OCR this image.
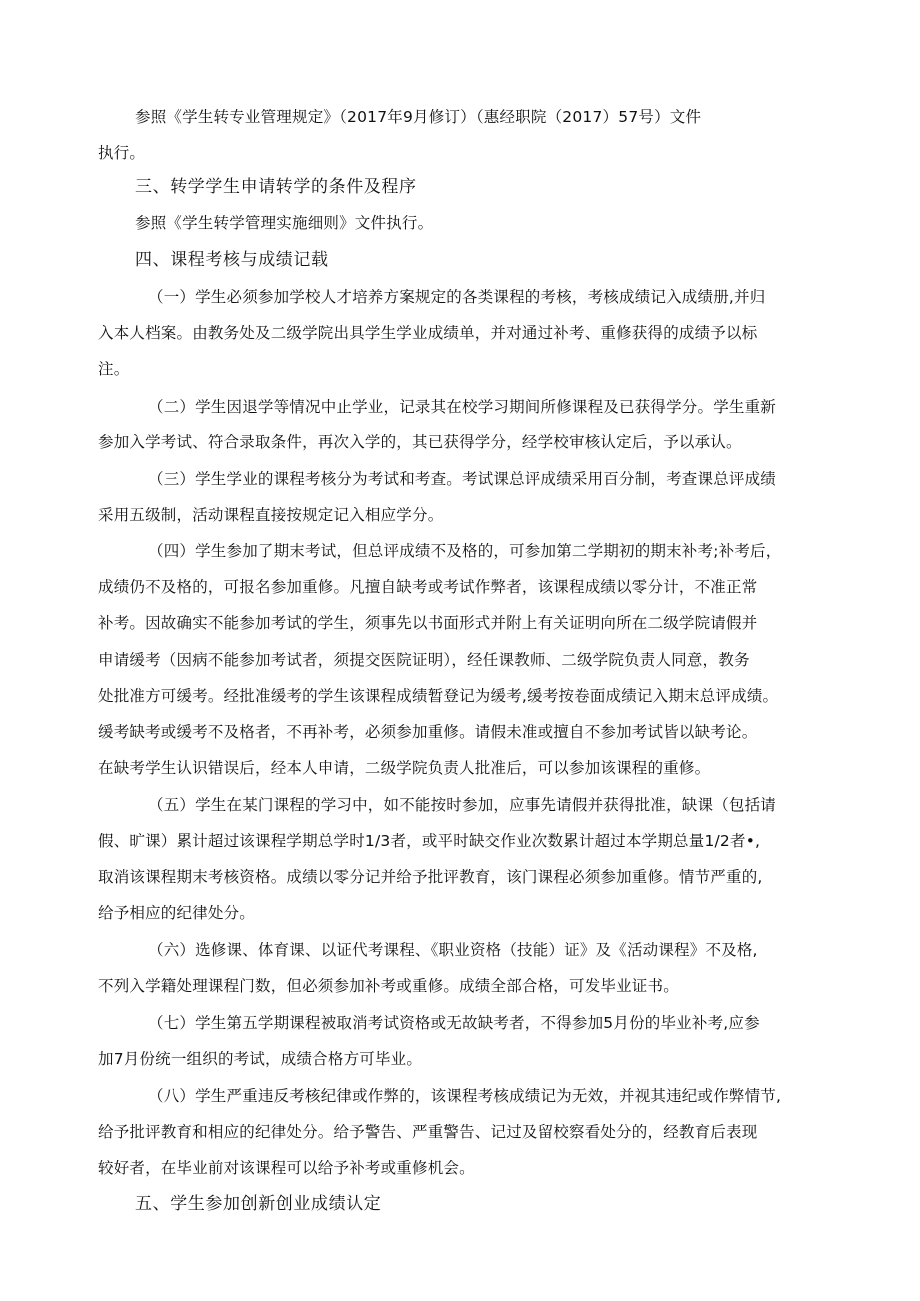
参照《学生转专业管理规定》（2017年9月修订）（惠经职院（2017）57号）文件
执行。
三、转学学生申请转学的条件及程序
参照《学生转学管理实施细则》文件执行。
四、课程考核与成绩记载
（一）学生必须参加学校人才培养方案规定的各类课程的考核，考核成绩记入成绩册,并归
入本人档案。由教务处及二级学院出具学生学业成绩单，并对通过补考、重修获得的成绩予以标
注。
（二）学生因退学等情况中止学业，记录其在校学习期间所修课程及已获得学分。学生重新
参加入学考试、符合录取条件，再次入学的，其已获得学分，经学校审核认定后，予以承认。
（三）学生学业的课程考核分为考试和考查。考试课总评成绩采用百分制，考查课总评成绩
采用五级制，活动课程直接按规定记入相应学分。
（四）学生参加了期末考试，但总评成绩不及格的，可参加第二学期初的期末补考;补考后，
成绩仍不及格的，可报名参加重修。凡擅自缺考或考试作弊者，该课程成绩以零分计，不准正常
补考。因故确实不能参加考试的学生，须事先以书面形式并附上有关证明向所在二级学院请假并
申请缓考（因病不能参加考试者，须提交医院证明），经任课教师、二级学院负责人同意，教务
处批准方可缓考。经批准缓考的学生该课程成绩暂登记为缓考,缓考按卷面成绩记入期末总评成绩。
缓考缺考或缓考不及格者，不再补考，必须参加重修。请假未准或擅自不参加考试皆以缺考论。
在缺考学生认识错误后，经本人申请，二级学院负责人批准后，可以参加该课程的重修。
（五）学生在某门课程的学习中，如不能按时参加，应事先请假并获得批准，缺课（包括请
假、旷课）累计超过该课程学期总学时1/3者，或平时缺交作业次数累计超过本学期总量1/2者•,
取消该课程期末考核资格。成绩以零分记并给予批评教育，该门课程必须参加重修。情节严重的,
给予相应的纪律处分。
（六）选修课、体育课、以证代考课程、《职业资格（技能）证》及《活动课程》不及格,
不列入学籍处理课程门数，但必须参加补考或重修。成绩全部合格，可发毕业证书。
（七）学生第五学期课程被取消考试资格或无故缺考者，不得参加5月份的毕业补考,应参
加7月份统一组织的考试，成绩合格方可毕业。
（八）学生严重违反考核纪律或作弊的，该课程考核成绩记为无效，并视其违纪或作弊情节,
给予批评教育和相应的纪律处分。给予警告、严重警告、记过及留校察看处分的，经教育后表现
较好者，在毕业前对该课程可以给予补考或重修机会。
五、学生参加创新创业成绩认定
